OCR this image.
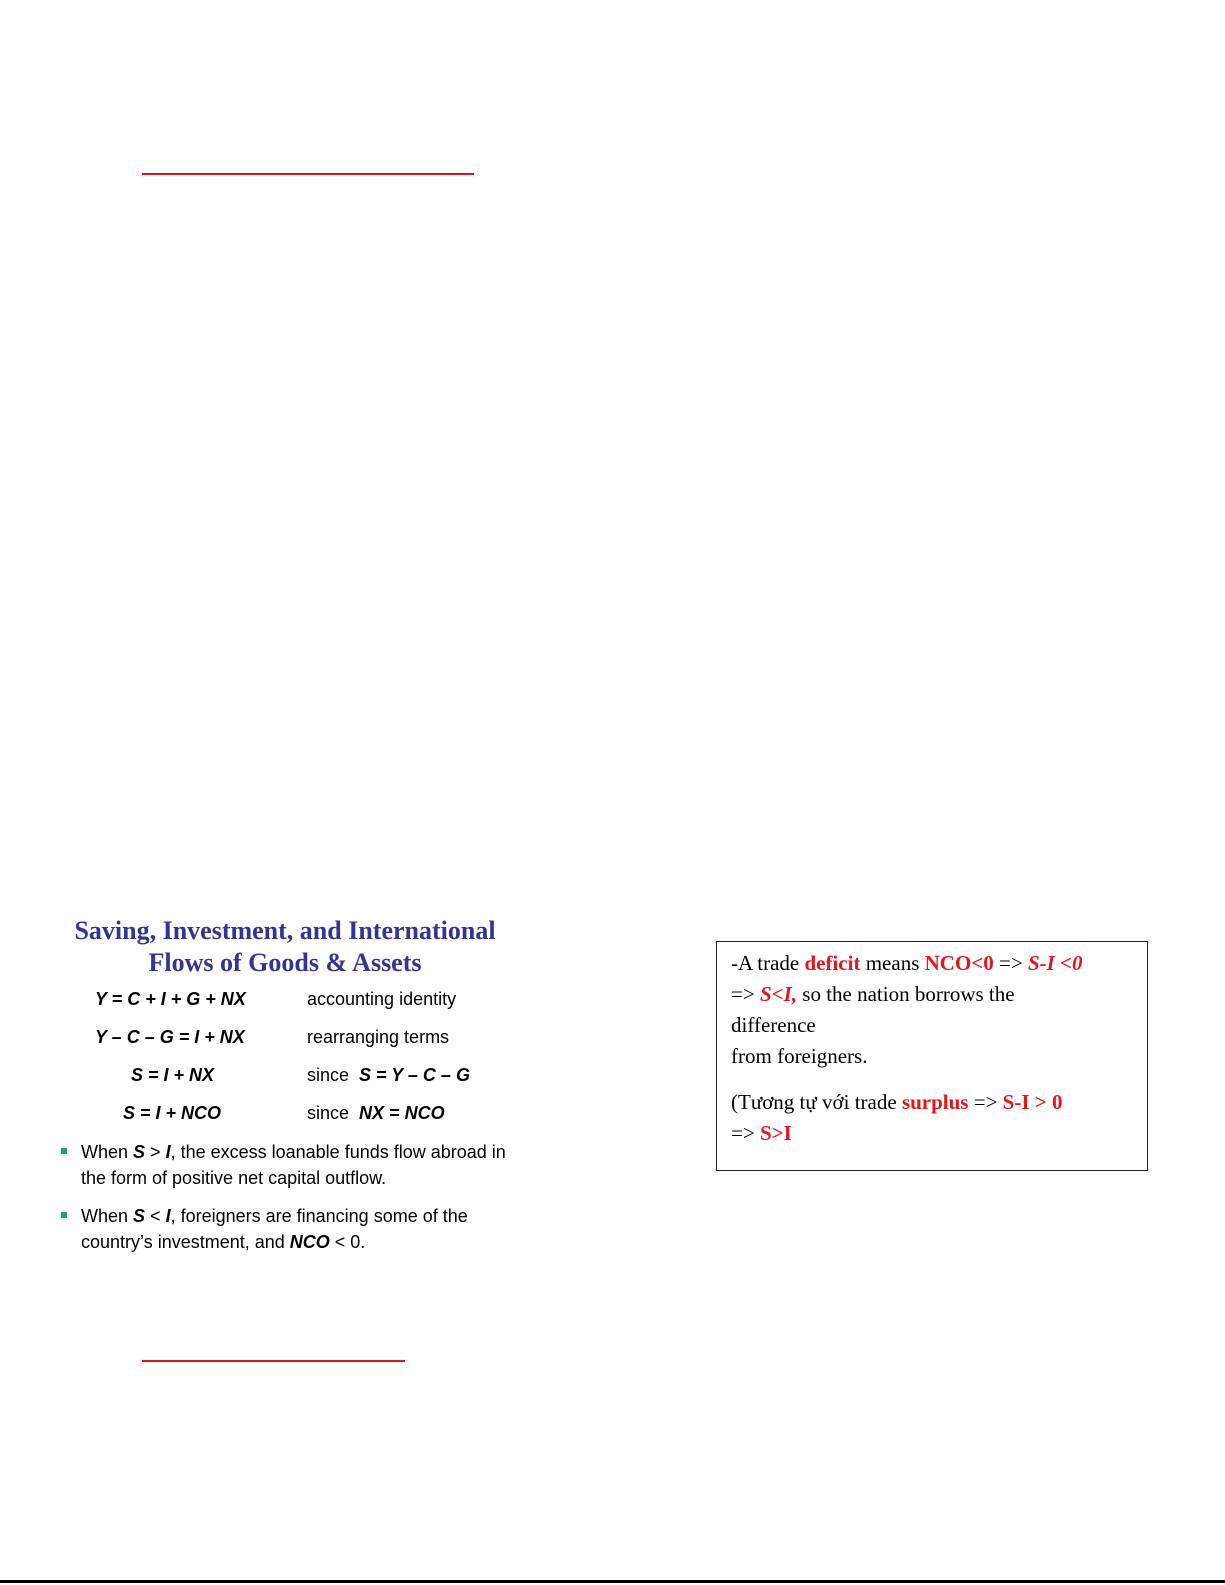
Saving, Investment, and International
Flows of Goods & Assets
Y = C + I + G + NX	accounting identity
Y – C – G = I + NX	rearranging terms
S = I + NX	since S = Y – C – G
S = I + NCO	since NX = NCO
When S > I, the excess loanable funds flow abroad in the form of positive net capital outflow.
When S < I, foreigners are financing some of the country’s investment, and NCO < 0.

-A trade deficit means NCO<0 => S-I <0

=> S<I, so the nation borrows the

difference

from foreigners.

(Tương tự với trade surplus => S-I > 0

=> S>I
